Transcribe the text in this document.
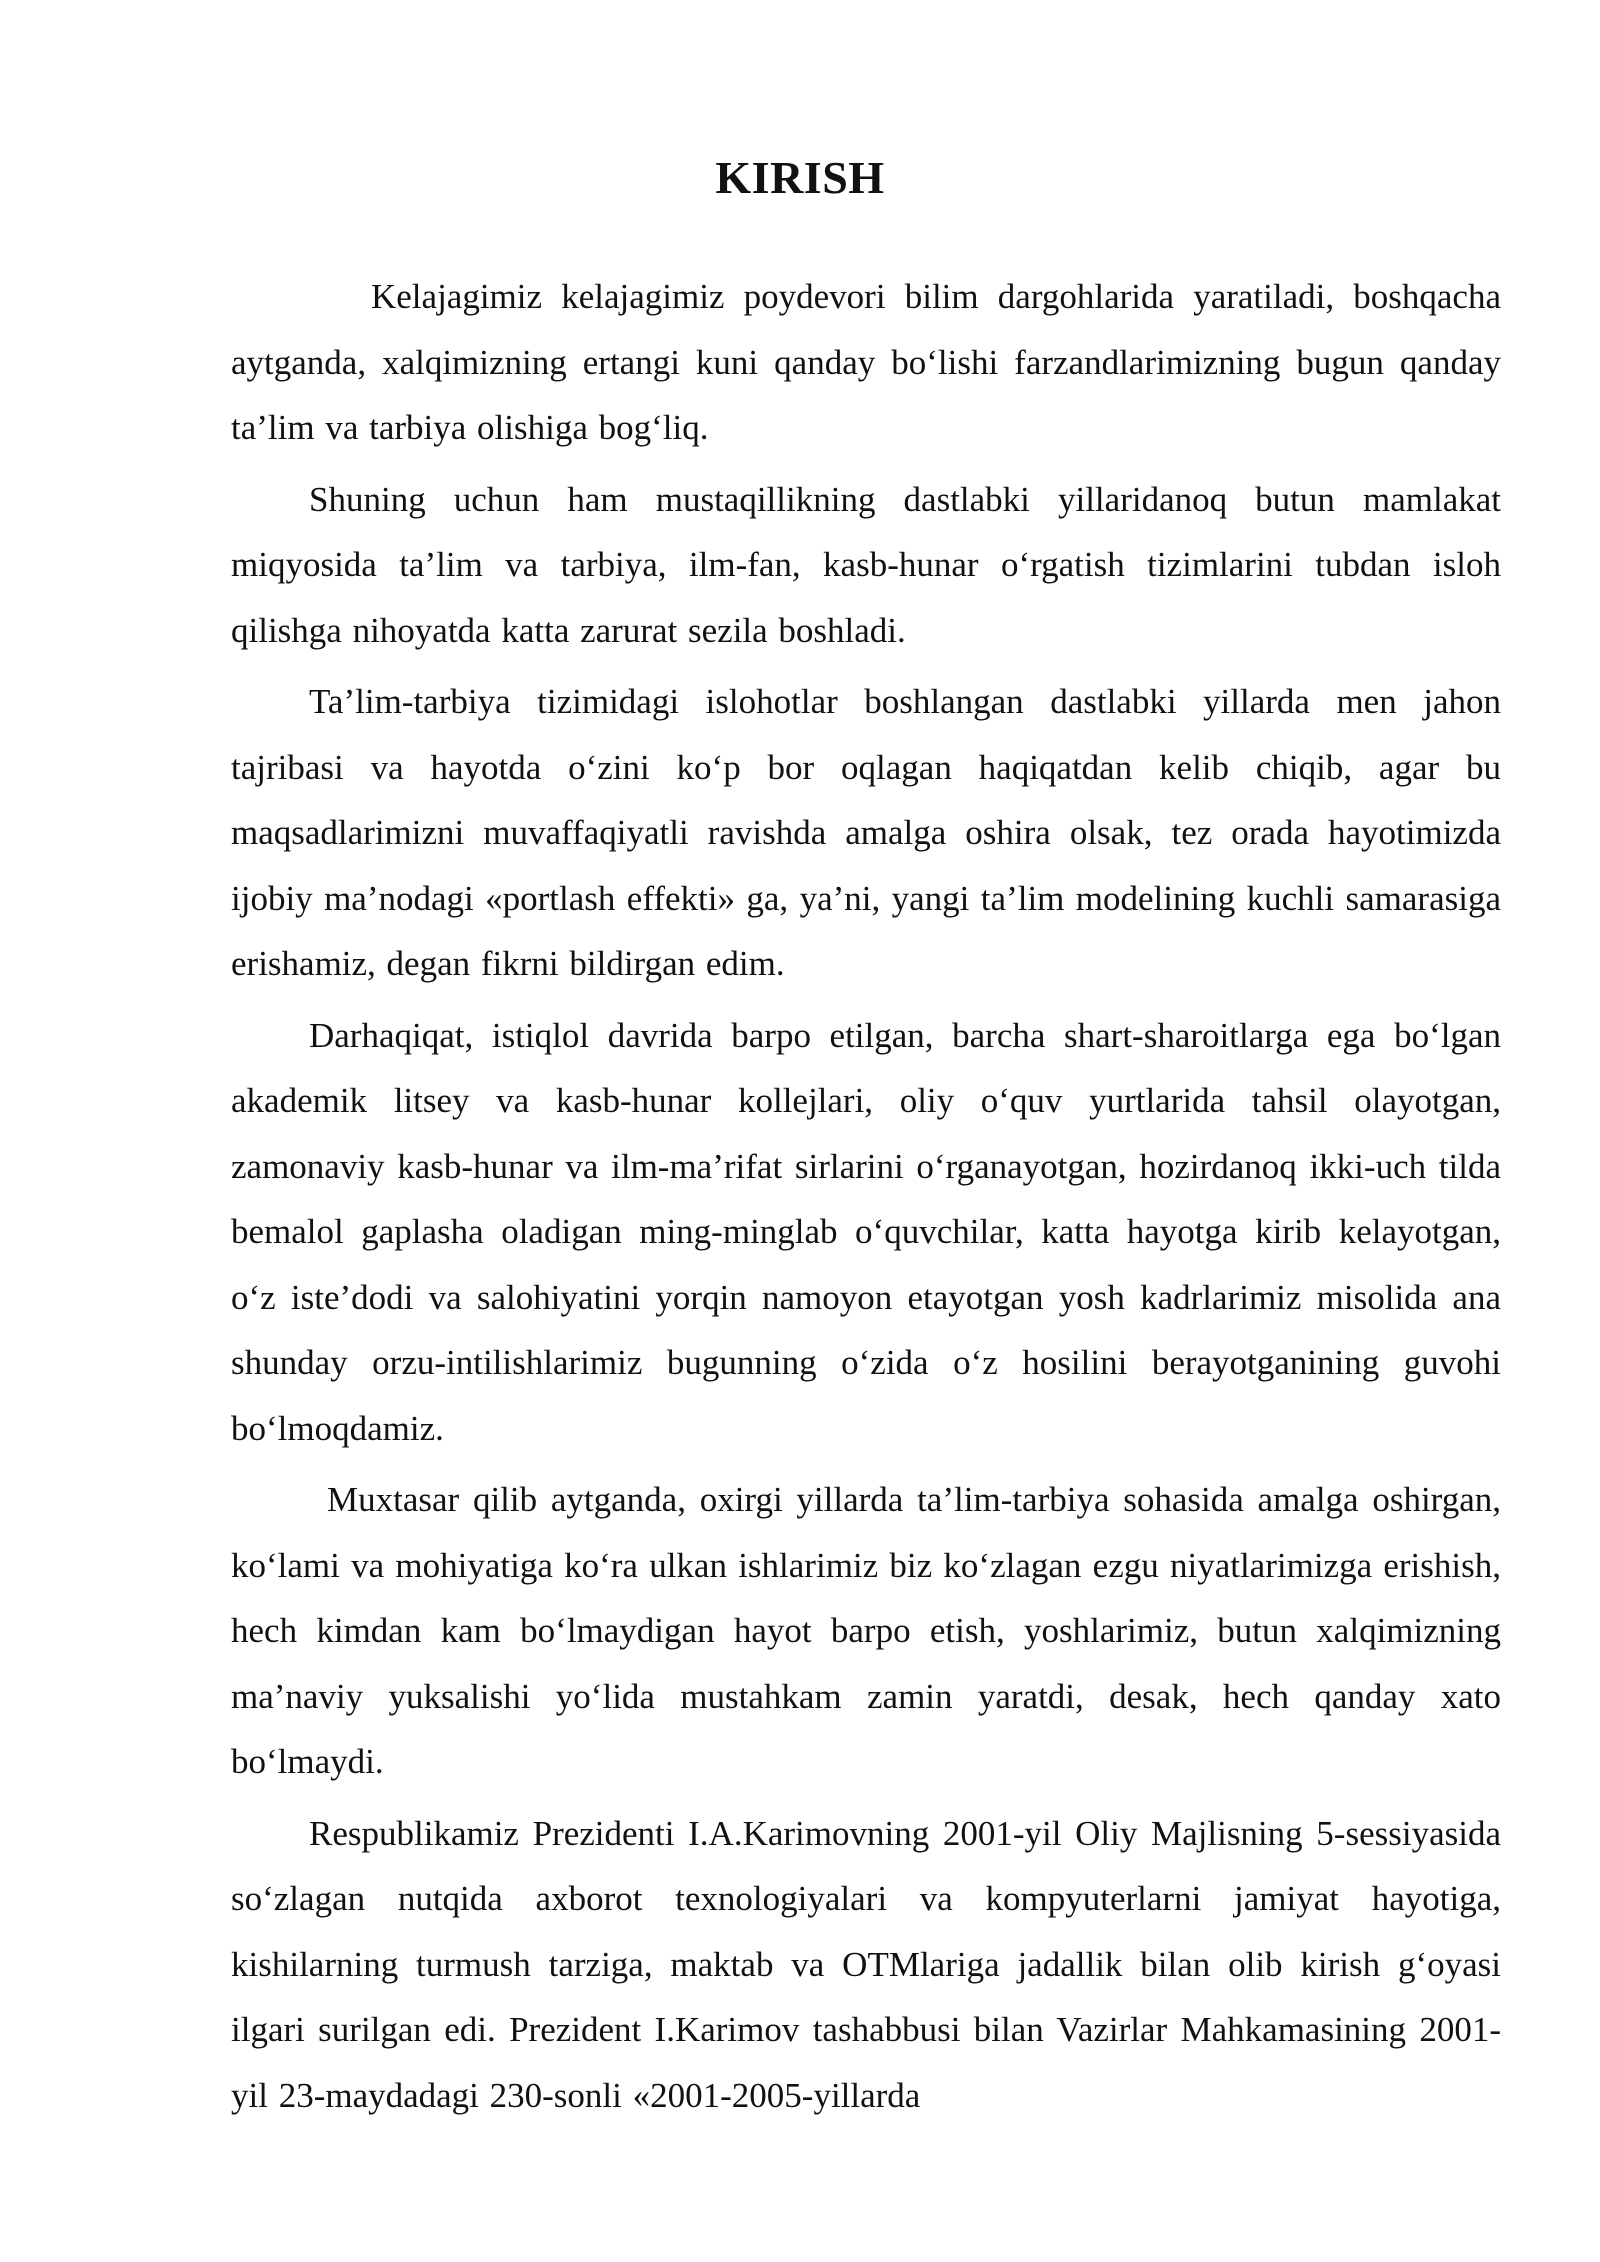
KIRISH

Kelajagimiz kelajagimiz poydevori bilim dargohlarida yaratiladi, boshqacha aytganda, xalqimizning ertangi kuni qanday bo‘lishi farzandlarimizning bugun qanday ta’lim va tarbiya olishiga bog‘liq.

Shuning uchun ham mustaqillikning dastlabki yillaridanoq butun mamlakat miqyosida ta’lim va tarbiya, ilm-fan, kasb-hunar o‘rgatish tizimlarini tubdan isloh qilishga nihoyatda katta zarurat sezila boshladi.

Ta’lim-tarbiya tizimidagi islohotlar boshlangan dastlabki yillarda men jahon tajribasi va hayotda o‘zini ko‘p bor oqlagan haqiqatdan kelib chiqib, agar bu maqsadlarimizni muvaffaqiyatli ravishda amalga oshira olsak, tez orada hayotimizda ijobiy ma’nodagi «portlash effekti» ga, ya’ni, yangi ta’lim modelining kuchli samarasiga erishamiz, degan fikrni bildirgan edim.

Darhaqiqat, istiqlol davrida barpo etilgan, barcha shart-sharoitlarga ega bo‘lgan akademik litsey va kasb-hunar kollejlari, oliy o‘quv yurtlarida tahsil olayotgan, zamonaviy kasb-hunar va ilm-ma’rifat sirlarini o‘rganayotgan, hozirdanoq ikki-uch tilda bemalol gaplasha oladigan ming-minglab o‘quvchilar, katta hayotga kirib kelayotgan, o‘z iste’dodi va salohiyatini yorqin namoyon etayotgan yosh kadrlarimiz misolida ana shunday orzu-intilishlarimiz bugunning o‘zida o‘z hosilini berayotganining guvohi bo‘lmoqdamiz.

Muxtasar qilib aytganda, oxirgi yillarda ta’lim-tarbiya sohasida amalga oshirgan, ko‘lami va mohiyatiga ko‘ra ulkan ishlarimiz biz ko‘zlagan ezgu niyatlarimizga erishish, hech kimdan kam bo‘lmaydigan hayot barpo etish, yoshlarimiz, butun xalqimizning ma’naviy yuksalishi yo‘lida mustahkam zamin yaratdi, desak, hech qanday xato bo‘lmaydi.

Respublikamiz Prezidenti I.A.Karimovning 2001-yil Oliy Majlisning 5-sessiyasida so‘zlagan nutqida axborot texnologiyalari va kompyuterlarni jamiyat hayotiga, kishilarning turmush tarziga, maktab va OTMlariga jadallik bilan olib kirish g‘oyasi ilgari surilgan edi. Prezident I.Karimov tashabbusi bilan Vazirlar Mahkamasining 2001-yil 23-maydadagi 230-sonli «2001-2005-yillarda
